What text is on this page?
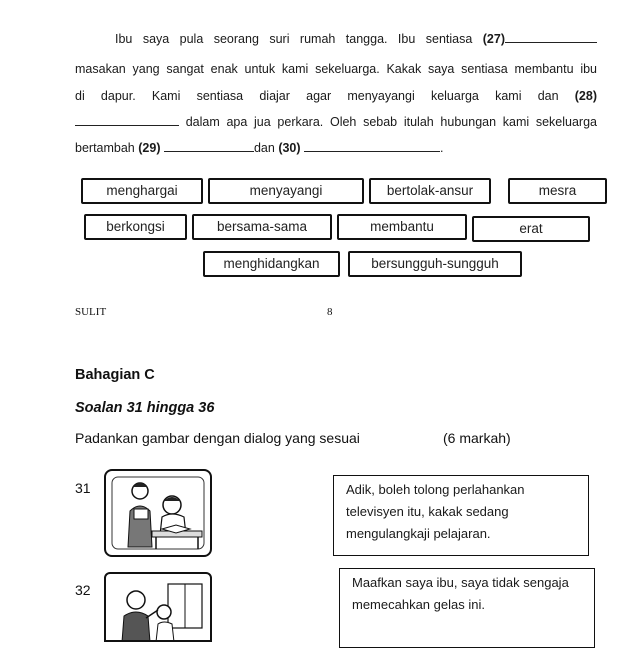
Ibu saya pula seorang suri rumah tangga. Ibu sentiasa (27)
masakan yang sangat enak untuk kami sekeluarga. Kakak saya sentiasa membantu ibu
di dapur. Kami sentiasa diajar agar menyayangi keluarga kami dan (28)
dalam apa jua perkara. Oleh sebab itulah hubungan kami sekeluarga
bertambah (29)	dan (30)	.
menghargai	menyayangi	bertolak-ansur	mesra
berkongsi	bersama-sama	membantu	erat
menghidangkan	bersungguh-sungguh
SULIT	8
Bahagian C
Soalan 31 hingga 36
Padankan gambar dengan dialog yang sesuai	(6 markah)
31	Adik, boleh tolong perlahankan televisyen itu, kakak sedang mengulangkaji pelajaran.
32	Maafkan saya ibu, saya tidak sengaja memecahkan gelas ini.
